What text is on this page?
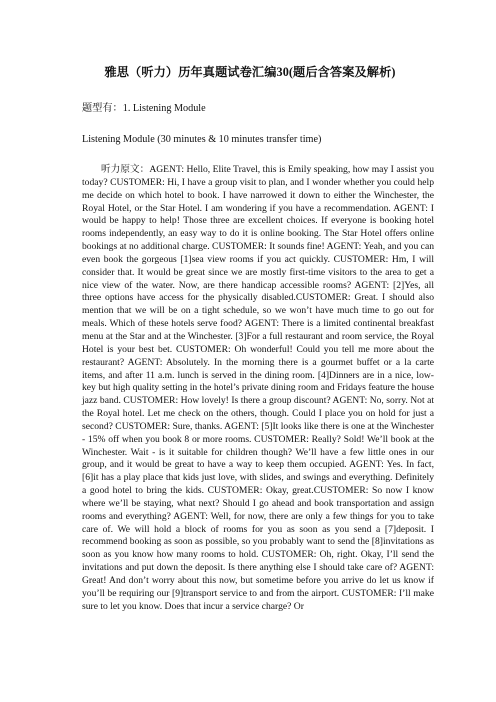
雅思（听力）历年真题试卷汇编30(题后含答案及解析)

题型有：1. Listening Module

Listening Module (30 minutes & 10 minutes transfer time)

听力原文：AGENT: Hello, Elite Travel, this is Emily speaking, how may I assist you today? CUSTOMER: Hi, I have a group visit to plan, and I wonder whether you could help me decide on which hotel to book. I have narrowed it down to either the Winchester, the Royal Hotel, or the Star Hotel. I am wondering if you have a recommendation. AGENT: I would be happy to help! Those three are excellent choices. If everyone is booking hotel rooms independently, an easy way to do it is online booking. The Star Hotel offers online bookings at no additional charge. CUSTOMER: It sounds fine! AGENT: Yeah, and you can even book the gorgeous [1]sea view rooms if you act quickly. CUSTOMER: Hm, I will consider that. It would be great since we are mostly first-time visitors to the area to get a nice view of the water. Now, are there handicap accessible rooms? AGENT: [2]Yes, all three options have access for the physically disabled.CUSTOMER: Great. I should also mention that we will be on a tight schedule, so we won’t have much time to go out for meals. Which of these hotels serve food? AGENT: There is a limited continental breakfast menu at the Star and at the Winchester. [3]For a full restaurant and room service, the Royal Hotel is your best bet. CUSTOMER: Oh wonderful! Could you tell me more about the restaurant? AGENT: Absolutely. In the morning there is a gourmet buffet or a la carte items, and after 11 a.m. lunch is served in the dining room. [4]Dinners are in a nice, low-key but high quality setting in the hotel’s private dining room and Fridays feature the house jazz band. CUSTOMER: How lovely! Is there a group discount? AGENT: No, sorry. Not at the Royal hotel. Let me check on the others, though. Could I place you on hold for just a second? CUSTOMER: Sure, thanks. AGENT: [5]It looks like there is one at the Winchester - 15% off when you book 8 or more rooms. CUSTOMER: Really? Sold! We’ll book at the Winchester. Wait - is it suitable for children though? We’ll have a few little ones in our group, and it would be great to have a way to keep them occupied. AGENT: Yes. In fact, [6]it has a play place that kids just love, with slides, and swings and everything. Definitely a good hotel to bring the kids. CUSTOMER: Okay, great.CUSTOMER: So now I know where we’ll be staying, what next? Should I go ahead and book transportation and assign rooms and everything? AGENT: Well, for now, there are only a few things for you to take care of. We will hold a block of rooms for you as soon as you send a [7]deposit. I recommend booking as soon as possible, so you probably want to send the [8]invitations as soon as you know how many rooms to hold. CUSTOMER: Oh, right. Okay, I’ll send the invitations and put down the deposit. Is there anything else I should take care of? AGENT: Great! And don’t worry about this now, but sometime before you arrive do let us know if you’ll be requiring our [9]transport service to and from the airport. CUSTOMER: I’ll make sure to let you know. Does that incur a service charge? Or
